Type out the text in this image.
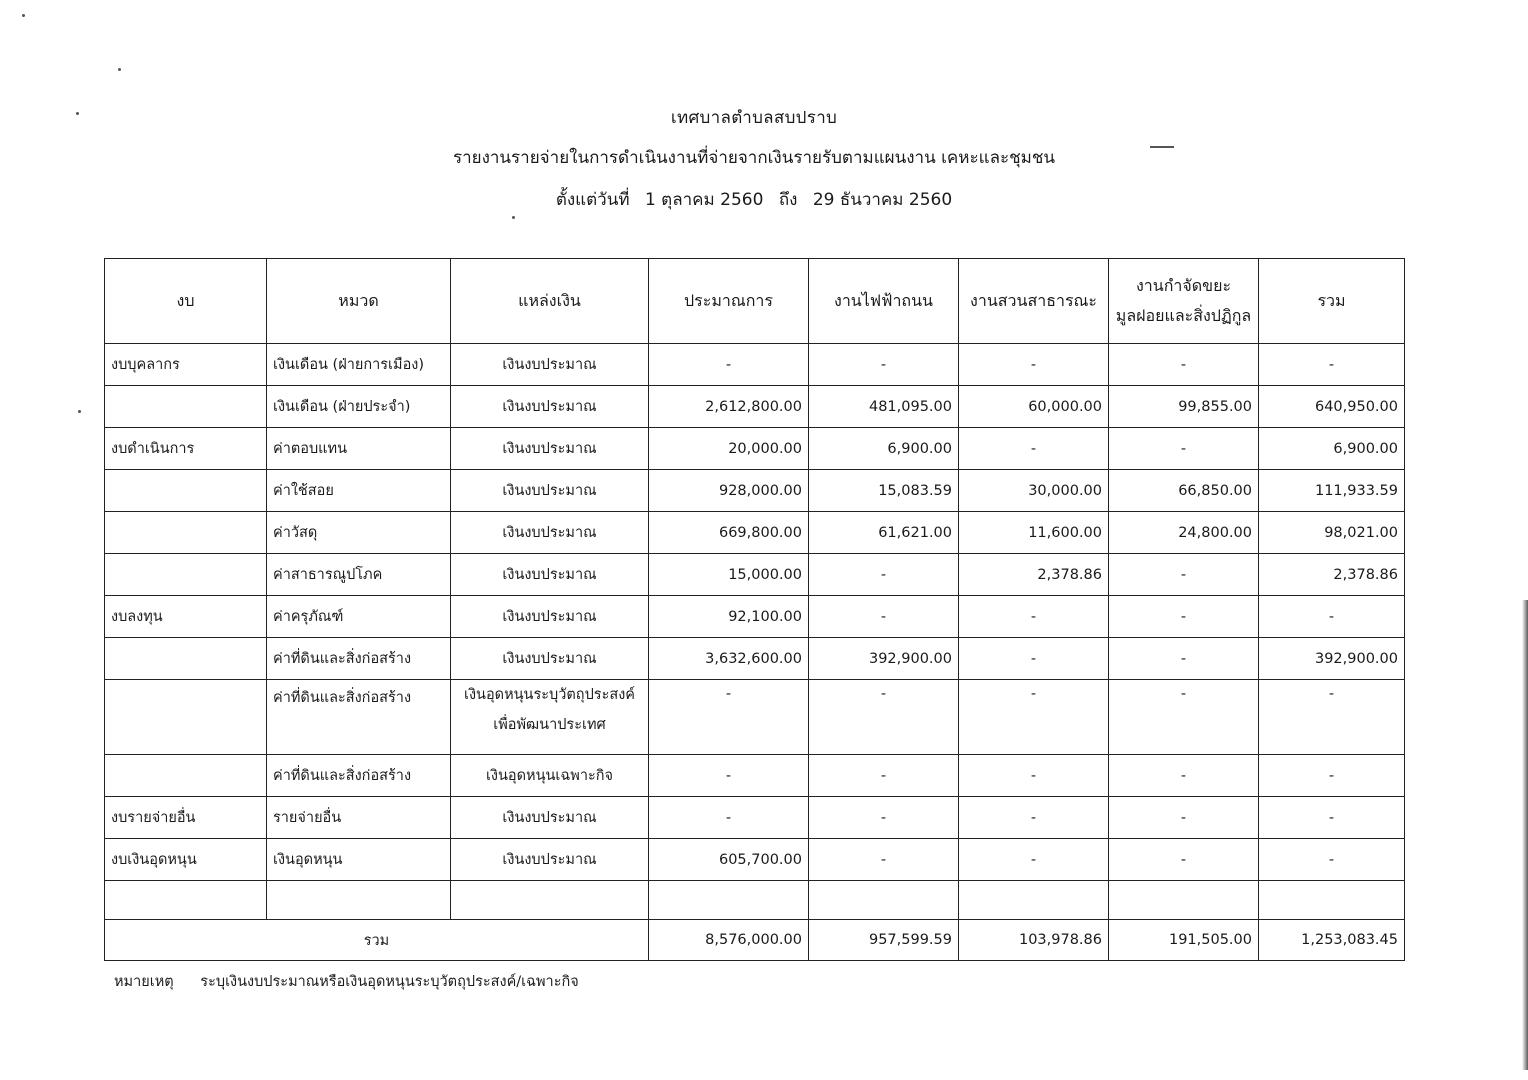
เทศบาลตำบลสบปราบ
รายงานรายจ่ายในการดำเนินงานที่จ่ายจากเงินรายรับตามแผนงาน เคหะและชุมชน
ตั้งแต่วันที่ 1 ตุลาคม 2560 ถึง 29 ธันวาคม 2560
งบ	หมวด	แหล่งเงิน	ประมาณการ	งานไฟฟ้าถนน	งานสวนสาธารณะ	งานกำจัดขยะมูลฝอยและสิ่งปฏิกูล	รวม
งบบุคลากร	เงินเดือน (ฝ่ายการเมือง)	เงินงบประมาณ	-	-	-	-	-
	เงินเดือน (ฝ่ายประจำ)	เงินงบประมาณ	2,612,800.00	481,095.00	60,000.00	99,855.00	640,950.00
งบดำเนินการ	ค่าตอบแทน	เงินงบประมาณ	20,000.00	6,900.00	-	-	6,900.00
	ค่าใช้สอย	เงินงบประมาณ	928,000.00	15,083.59	30,000.00	66,850.00	111,933.59
	ค่าวัสดุ	เงินงบประมาณ	669,800.00	61,621.00	11,600.00	24,800.00	98,021.00
	ค่าสาธารณูปโภค	เงินงบประมาณ	15,000.00	-	2,378.86	-	2,378.86
งบลงทุน	ค่าครุภัณฑ์	เงินงบประมาณ	92,100.00	-	-	-	-
	ค่าที่ดินและสิ่งก่อสร้าง	เงินงบประมาณ	3,632,600.00	392,900.00	-	-	392,900.00
	ค่าที่ดินและสิ่งก่อสร้าง	เงินอุดหนุนระบุวัตถุประสงค์ เพื่อพัฒนาประเทศ	-	-	-	-	-
	ค่าที่ดินและสิ่งก่อสร้าง	เงินอุดหนุนเฉพาะกิจ	-	-	-	-	-
งบรายจ่ายอื่น	รายจ่ายอื่น	เงินงบประมาณ	-	-	-	-	-
งบเงินอุดหนุน	เงินอุดหนุน	เงินงบประมาณ	605,700.00	-	-	-	-

รวม			8,576,000.00	957,599.59	103,978.86	191,505.00	1,253,083.45
หมายเหตุ ระบุเงินงบประมาณหรือเงินอุดหนุนระบุวัตถุประสงค์/เฉพาะกิจ
